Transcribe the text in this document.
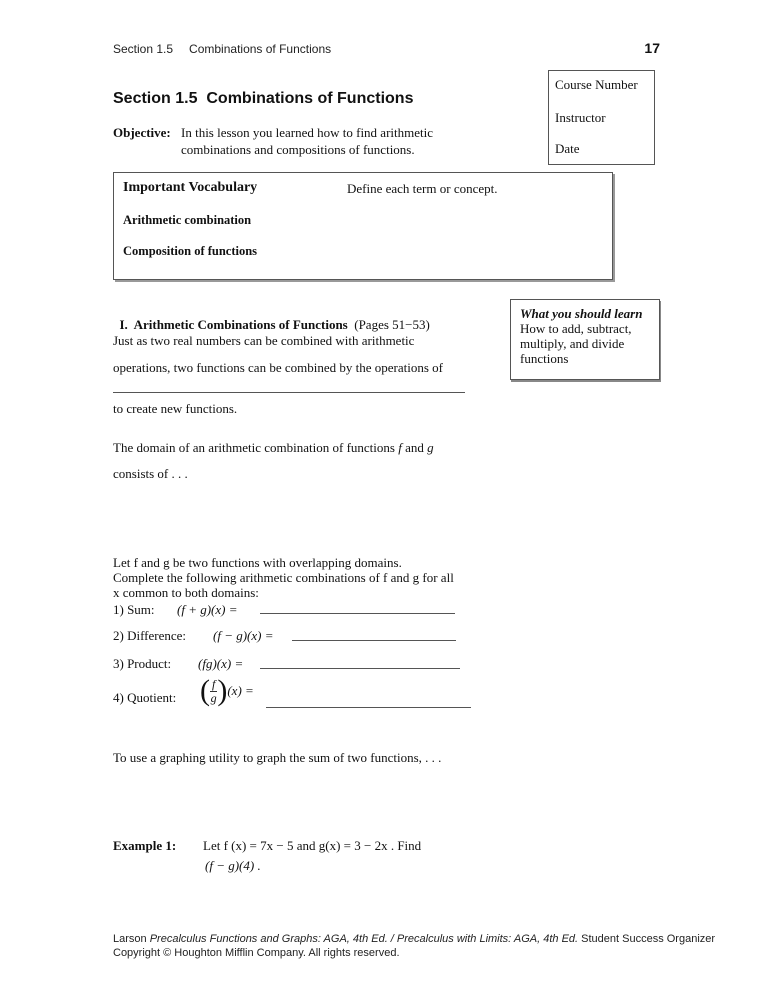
Section 1.5 Combinations of Functions	17
Course Number
Instructor
Date
Section 1.5  Combinations of Functions
Objective: In this lesson you learned how to find arithmetic combinations and compositions of functions.
Important Vocabulary	Define each term or concept.
Arithmetic combination
Composition of functions

I.  Arithmetic Combinations of Functions (Pages 51−53)

What you should learn
How to add, subtract,
multiply, and divide
functions
Just as two real numbers can be combined with arithmetic
operations, two functions can be combined by the operations of
to create new functions.
The domain of an arithmetic combination of functions f and g
consists of . . .
Let f and g be two functions with overlapping domains.
Complete the following arithmetic combinations of f and g for all
x common to both domains:
1) Sum: (f + g)(x) =
2) Difference: (f − g)(x) =
3) Product: (fg)(x) =
4) Quotient: ( $\frac{f}{g})(x)$ =
To use a graphing utility to graph the sum of two functions, . . .
Example 1: Let f (x) = 7x − 5 and g(x) = 3 − 2x . Find
(f − g)(4) .
Larson Precalculus Functions and Graphs: AGA, 4th Ed. / Precalculus with Limits: AGA, 4th Ed. Student Success Organizer
Copyright © Houghton Mifflin Company. All rights reserved.
